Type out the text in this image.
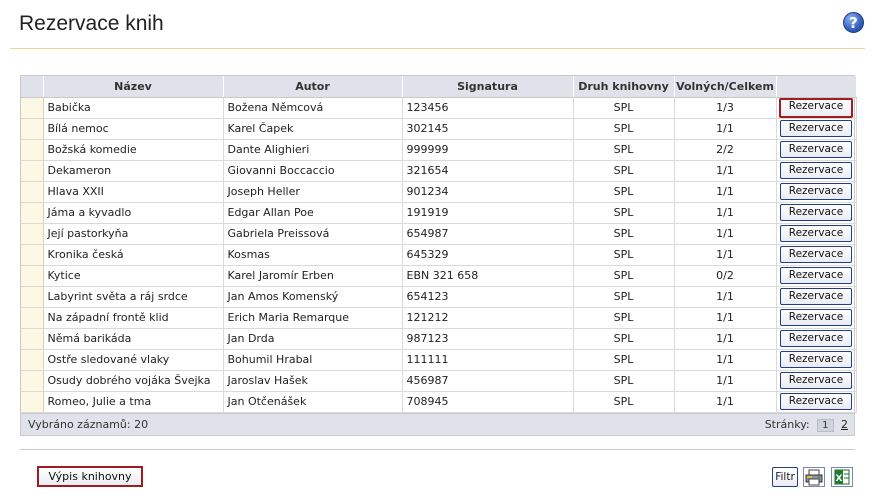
Rezervace knih	?
	Název	Autor	Signatura	Druh knihovny	Volných/Celkem	
	Babička	Božena Němcová	123456	SPL	1/3	Rezervace
	Bílá nemoc	Karel Čapek	302145	SPL	1/1	Rezervace
	Božská komedie	Dante Alighieri	999999	SPL	2/2	Rezervace
	Dekameron	Giovanni Boccaccio	321654	SPL	1/1	Rezervace
	Hlava XXII	Joseph Heller	901234	SPL	1/1	Rezervace
	Jáma a kyvadlo	Edgar Allan Poe	191919	SPL	1/1	Rezervace
	Její pastorkyňa	Gabriela Preissová	654987	SPL	1/1	Rezervace
	Kronika česká	Kosmas	645329	SPL	1/1	Rezervace
	Kytice	Karel Jaromír Erben	EBN 321 658	SPL	0/2	Rezervace
	Labyrint světa a ráj srdce	Jan Amos Komenský	654123	SPL	1/1	Rezervace
	Na západní frontě klid	Erich Maria Remarque	121212	SPL	1/1	Rezervace
	Němá barikáda	Jan Drda	987123	SPL	1/1	Rezervace
	Ostře sledované vlaky	Bohumil Hrabal	111111	SPL	1/1	Rezervace
	Osudy dobrého vojáka Švejka	Jaroslav Hašek	456987	SPL	1/1	Rezervace
	Romeo, Julie a tma	Jan Otčenášek	708945	SPL	1/1	Rezervace
Vybráno záznamů: 20	Stránky: 1 2
Výpis knihovny	Filtr	X
